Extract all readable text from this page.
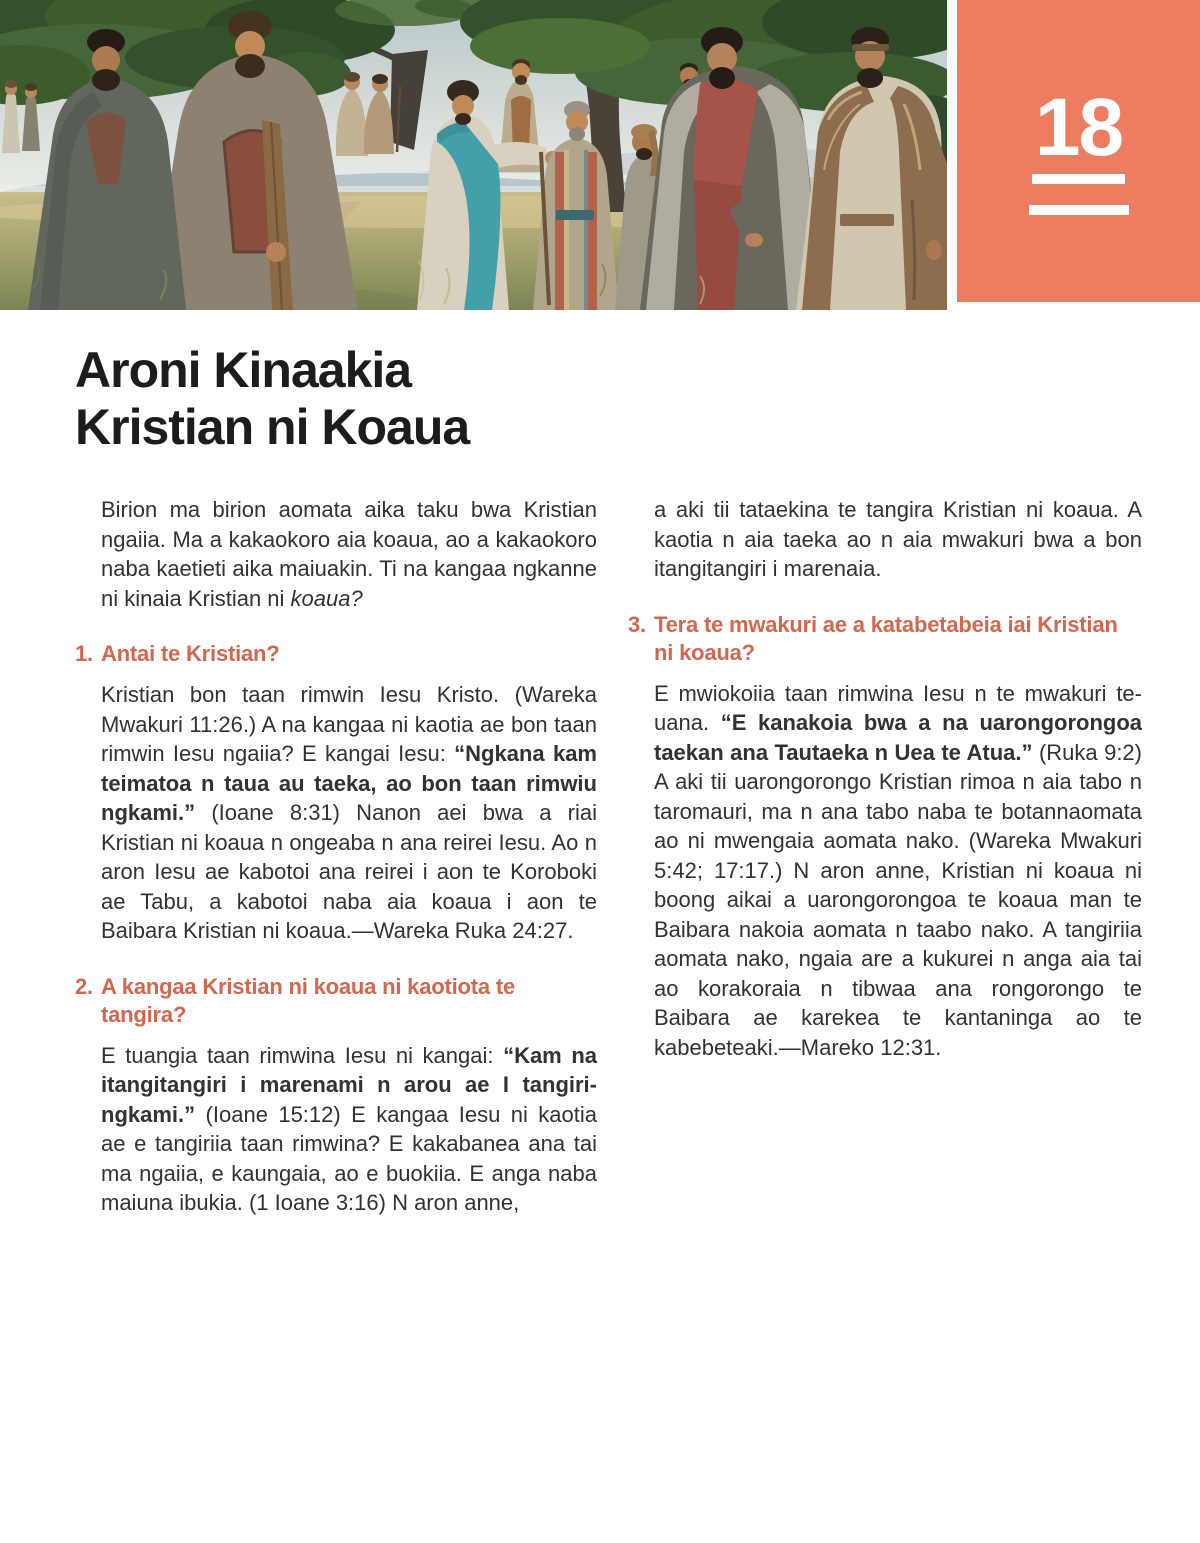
18
Aroni Kinaakia
Kristian ni Koaua

Birion ma birion aomata aika taku bwa Kristian ngaiia. Ma a kakaokoro aia koaua, ao a kakaokoro naba kaetieti aika maiuakin. Ti na kangaa ngkanne ni kinaia Kristian ni koaua?

1. Antai te Kristian?

Kristian bon taan rimwin Iesu Kristo. (Wareka Mwakuri 11:26.) A na kangaa ni kaotia ae bon taan rimwin Iesu ngaiia? E kangai Iesu: “Ngkana kam teimatoa n taua au taeka, ao bon taan rimwiu ngkami.” (Ioane 8:31) Nanon aei bwa a riai Kristian ni koaua n ongeaba n ana reirei Iesu. Ao n aron Iesu ae kabotoi ana reirei i aon te Koroboki ae Tabu, a kabotoi naba aia koaua i aon te Baibara Kristian ni koaua.—Wareka Ruka 24:27.

2. A kangaa Kristian ni koaua ni kaotiota te tangira?

E tuangia taan rimwina Iesu ni kangai: “Kam na itangitangiri i marenami n arou ae I tangiringkami.” (Ioane 15:12) E kangaa Iesu ni kaotia ae e tangiriia taan rimwina? E kakabanea ana tai ma ngaiia, e kaungaia, ao e buokiia. E anga naba maiuna ibukia. (1 Ioane 3:16) N aron anne,

a aki tii tataekina te tangira Kristian ni koaua. A kaotia n aia taeka ao n aia mwakuri bwa a bon itangitangiri i marenaia.

3. Tera te mwakuri ae a katabetabeia iai Kristian ni koaua?

E mwiokoiia taan rimwina Iesu n te mwakuri teuana. “E kanakoia bwa a na uarongorongoa taekan ana Tautaeka n Uea te Atua.” (Ruka 9:2) A aki tii uarongorongo Kristian rimoa n aia tabo n taromauri, ma n ana tabo naba te botannaomata ao ni mwengaia aomata nako. (Wareka Mwakuri 5:42; 17:17.) N aron anne, Kristian ni koaua ni boong aikai a uarongorongoa te koaua man te Baibara nakoia aomata n taabo nako. A tangiriia aomata nako, ngaia are a kukurei n anga aia tai ao korakoraia n tibwaa ana rongorongo te Baibara ae karekea te kantaninga ao te kabebeteaki.—Mareko 12:31.
